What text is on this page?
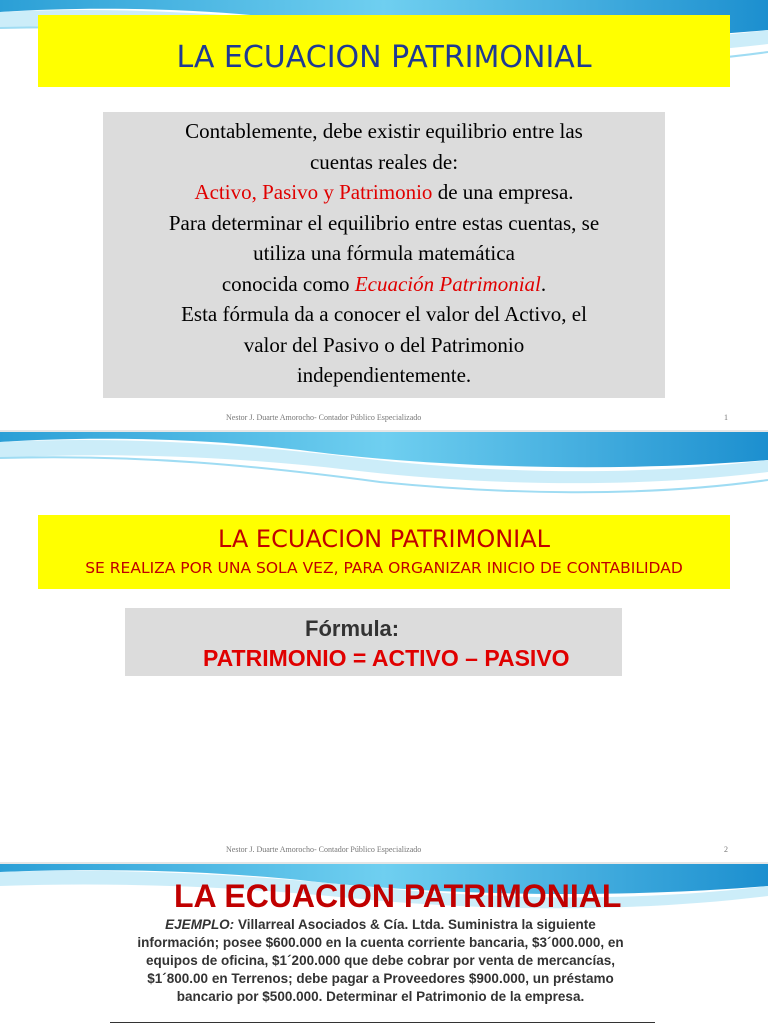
LA ECUACION PATRIMONIAL
Contablemente, debe existir equilibrio entre las
cuentas reales de:
Activo, Pasivo y Patrimonio de una empresa.
Para determinar el equilibrio entre estas cuentas, se
utiliza una fórmula matemática
conocida como Ecuación Patrimonial.
Esta fórmula da a conocer el valor del Activo, el
valor del Pasivo o del Patrimonio
independientemente.
Nestor J. Duarte Amorocho- Contador Público Especializado	1
LA ECUACION PATRIMONIAL
SE REALIZA POR UNA SOLA VEZ, PARA ORGANIZAR INICIO DE CONTABILIDAD
Fórmula:
PATRIMONIO = ACTIVO – PASIVO
Nestor J. Duarte Amorocho- Contador Público Especializado	2
LA ECUACION PATRIMONIAL
EJEMPLO: Villarreal Asociados & Cía. Ltda. Suministra la siguiente
información; posee $600.000 en la cuenta corriente bancaria, $3´000.000, en
equipos de oficina, $1´200.000 que debe cobrar por venta de mercancías,
$1´800.00 en Terrenos; debe pagar a Proveedores $900.000, un préstamo
bancario por $500.000. Determinar el Patrimonio de la empresa.
